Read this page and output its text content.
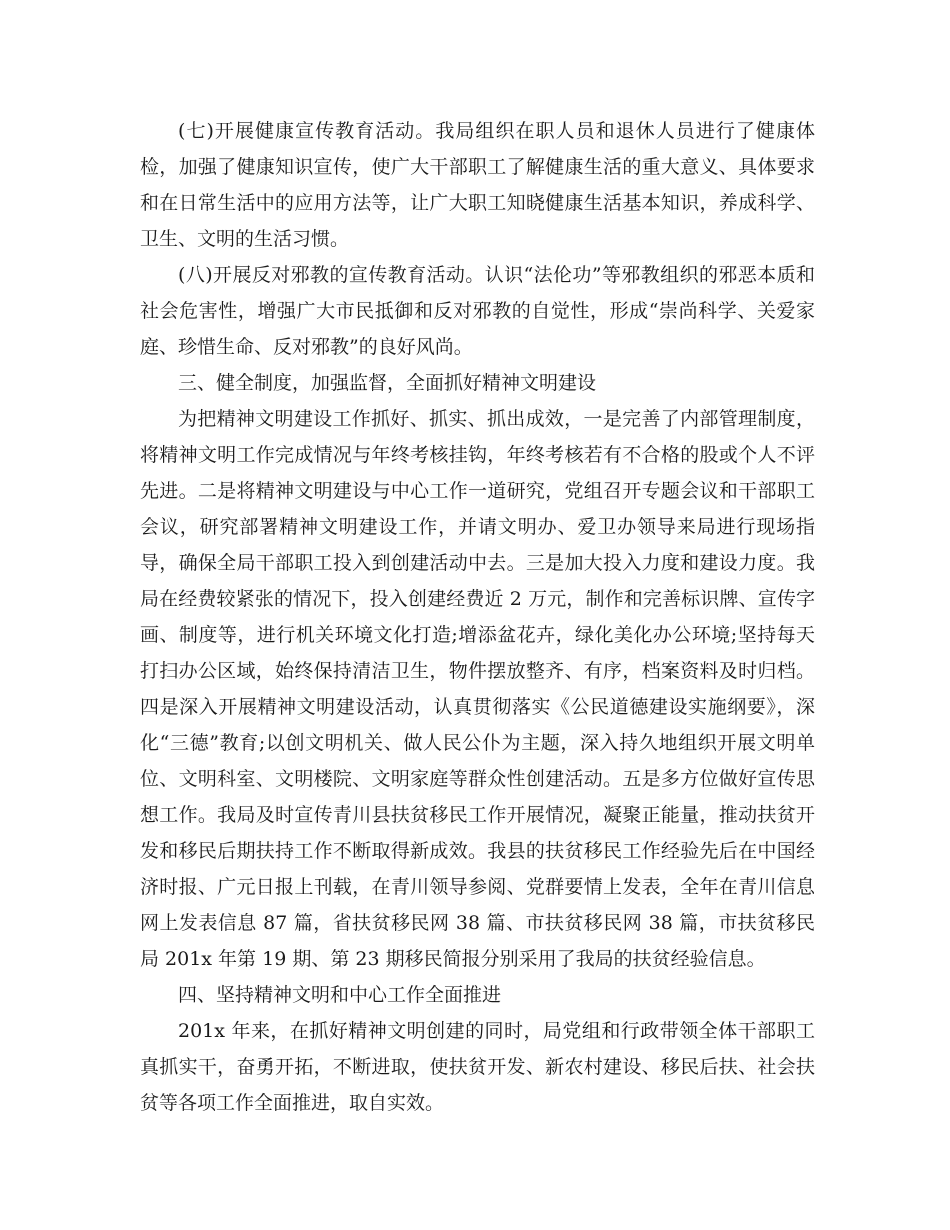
(七)开展健康宣传教育活动。我局组织在职人员和退休人员进行了健康体检，加强了健康知识宣传，使广大干部职工了解健康生活的重大意义、具体要求和在日常生活中的应用方法等，让广大职工知晓健康生活基本知识，养成科学、卫生、文明的生活习惯。

(八)开展反对邪教的宣传教育活动。认识“法伦功”等邪教组织的邪恶本质和社会危害性，增强广大市民抵御和反对邪教的自觉性，形成“崇尚科学、关爱家庭、珍惜生命、反对邪教”的良好风尚。

三、健全制度，加强监督，全面抓好精神文明建设

为把精神文明建设工作抓好、抓实、抓出成效，一是完善了内部管理制度，将精神文明工作完成情况与年终考核挂钩，年终考核若有不合格的股或个人不评先进。二是将精神文明建设与中心工作一道研究，党组召开专题会议和干部职工会议，研究部署精神文明建设工作，并请文明办、爱卫办领导来局进行现场指导，确保全局干部职工投入到创建活动中去。三是加大投入力度和建设力度。我局在经费较紧张的情况下，投入创建经费近 2 万元，制作和完善标识牌、宣传字画、制度等，进行机关环境文化打造;增添盆花卉，绿化美化办公环境;坚持每天打扫办公区域，始终保持清洁卫生，物件摆放整齐、有序，档案资料及时归档。四是深入开展精神文明建设活动，认真贯彻落实《公民道德建设实施纲要》，深化“三德”教育;以创文明机关、做人民公仆为主题，深入持久地组织开展文明单位、文明科室、文明楼院、文明家庭等群众性创建活动。五是多方位做好宣传思想工作。我局及时宣传青川县扶贫移民工作开展情况，凝聚正能量，推动扶贫开发和移民后期扶持工作不断取得新成效。我县的扶贫移民工作经验先后在中国经济时报、广元日报上刊载，在青川领导参阅、党群要情上发表，全年在青川信息网上发表信息 87 篇，省扶贫移民网 38 篇、市扶贫移民网 38 篇，市扶贫移民局 201x 年第 19 期、第 23 期移民简报分别采用了我局的扶贫经验信息。

四、坚持精神文明和中心工作全面推进

201x 年来，在抓好精神文明创建的同时，局党组和行政带领全体干部职工真抓实干，奋勇开拓，不断进取，使扶贫开发、新农村建设、移民后扶、社会扶贫等各项工作全面推进，取自实效。
